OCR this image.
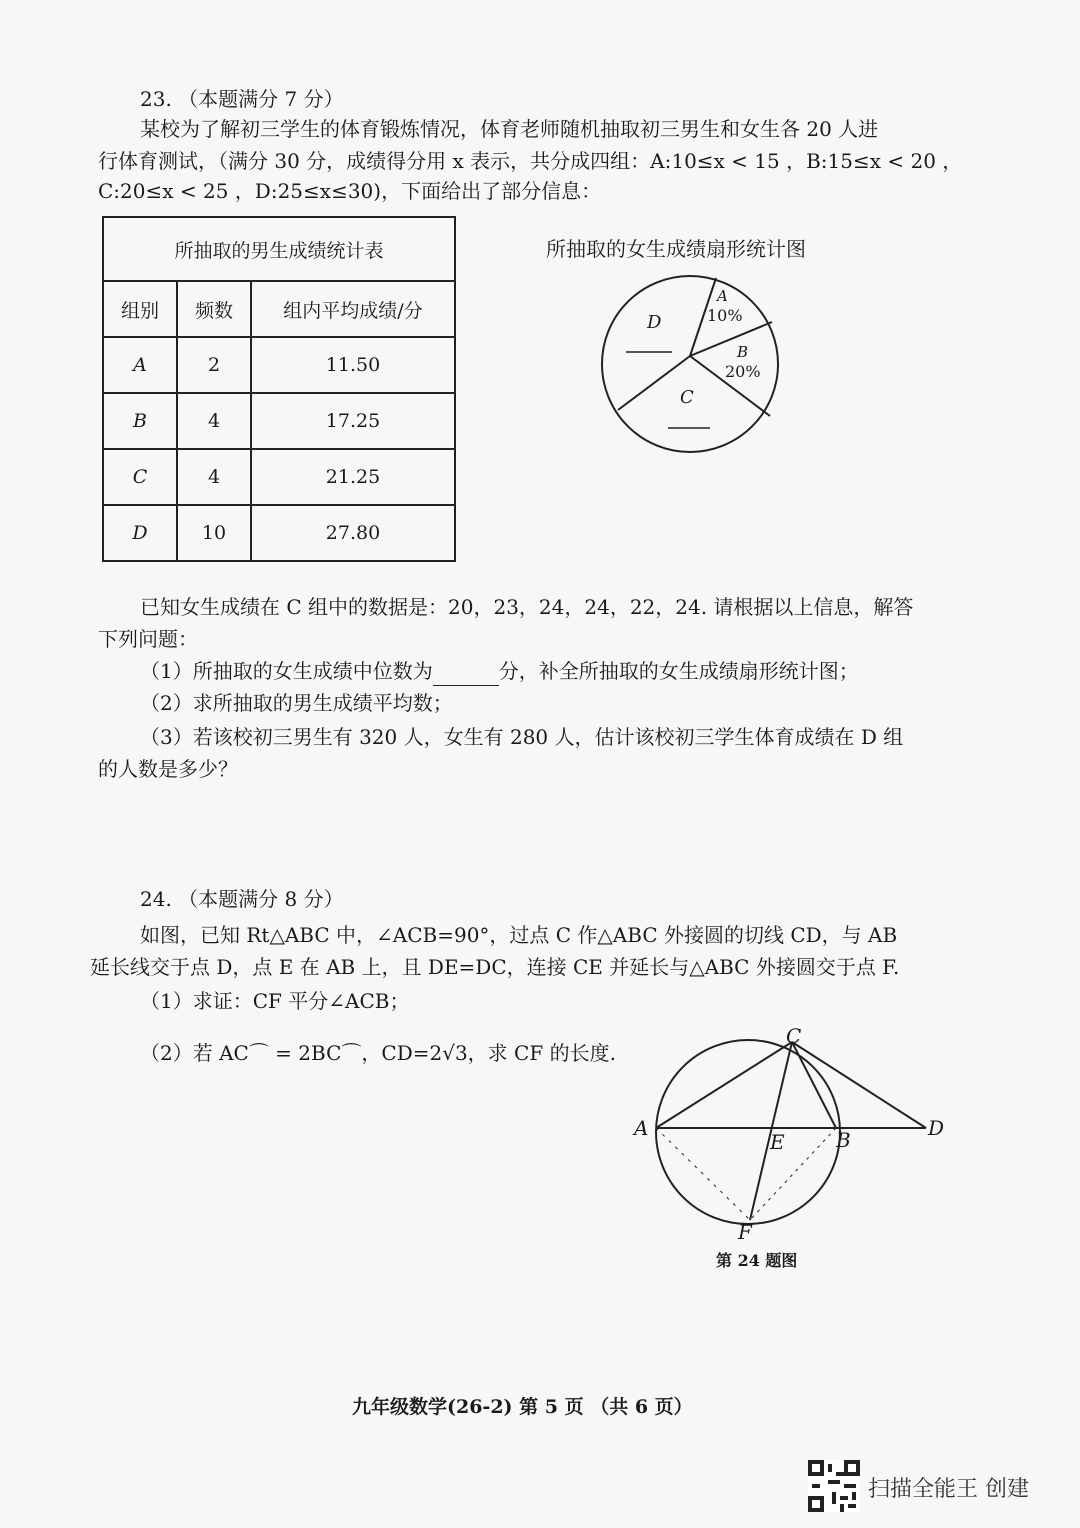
23. （本题满分 7 分）
某校为了解初三学生的体育锻炼情况，体育老师随机抽取初三男生和女生各 20 人进
行体育测试，（满分 30 分，成绩得分用 x 表示，共分成四组：A:10≤x < 15 ，B:15≤x < 20 ，
C:20≤x < 25 ，D:25≤x≤30)，下面给出了部分信息：
所抽取的男生成绩统计表		
组别	频数	组内平均成绩/分
A	2	11.50
B	4	17.25
C	4	21.25
D	10	27.80
所抽取的女生成绩扇形统计图
D
A
10%
B
20%
C
已知女生成绩在 C 组中的数据是：20，23，24，24，22，24. 请根据以上信息，解答
下列问题：
（1）所抽取的女生成绩中位数为	分，补全所抽取的女生成绩扇形统计图；
（2）求所抽取的男生成绩平均数；
（3）若该校初三男生有 320 人，女生有 280 人，估计该校初三学生体育成绩在 D 组
的人数是多少？
24. （本题满分 8 分）
如图，已知 Rt△ABC 中，∠ACB=90°，过点 C 作△ABC 外接圆的切线 CD，与 AB
延长线交于点 D，点 E 在 AB 上，且 DE=DC，连接 CE 并延长与△ABC 外接圆交于点 F.
（1）求证：CF 平分∠ACB；
（2）若 AC⌒ = 2BC⌒，CD=2√3，求 CF 的长度.
A
C
D
E	B
F
第 24 题图
九年级数学(26-2) 第 5 页 （共 6 页）
扫描全能王 创建
